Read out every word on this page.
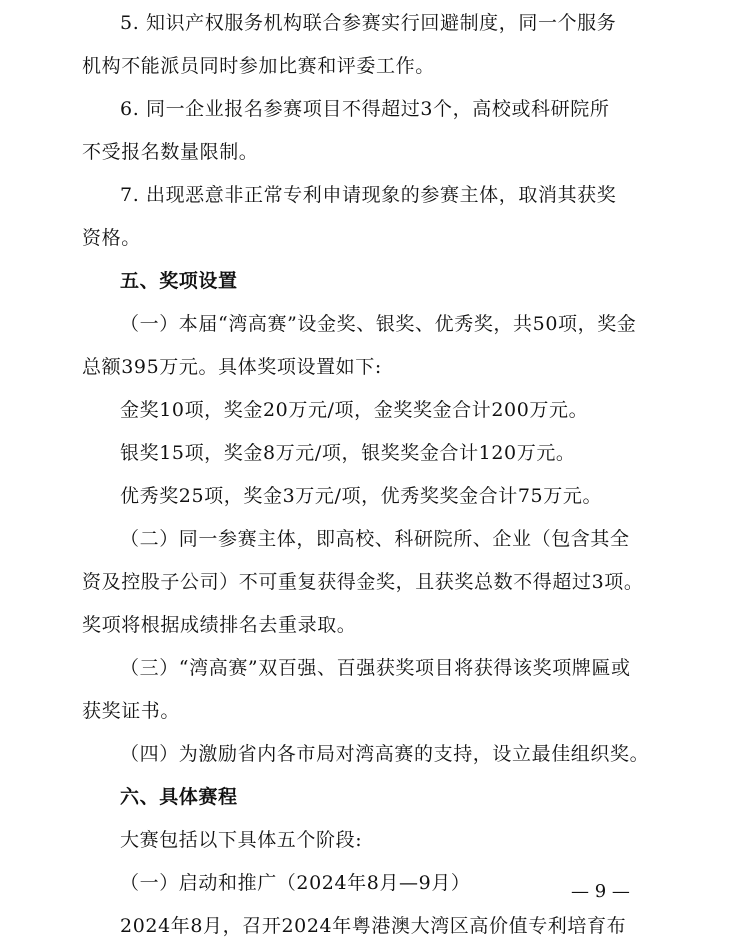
5. 知识产权服务机构联合参赛实行回避制度，同一个服务
机构不能派员同时参加比赛和评委工作。
6. 同一企业报名参赛项目不得超过3个，高校或科研院所
不受报名数量限制。
7. 出现恶意非正常专利申请现象的参赛主体，取消其获奖
资格。
五、奖项设置
（一）本届“湾高赛”设金奖、银奖、优秀奖，共50项，奖金
总额395万元。具体奖项设置如下:
金奖10项，奖金20万元/项，金奖奖金合计200万元。
银奖15项，奖金8万元/项，银奖奖金合计120万元。
优秀奖25项，奖金3万元/项，优秀奖奖金合计75万元。
（二）同一参赛主体，即高校、科研院所、企业（包含其全
资及控股子公司）不可重复获得金奖，且获奖总数不得超过3项。
奖项将根据成绩排名去重录取。
（三）“湾高赛”双百强、百强获奖项目将获得该奖项牌匾或
获奖证书。
（四）为激励省内各市局对湾高赛的支持，设立最佳组织奖。
六、具体赛程
大赛包括以下具体五个阶段:
（一）启动和推广（2024年8月—9月）
2024年8月，召开2024年粤港澳大湾区高价值专利培育布
— 9 —
